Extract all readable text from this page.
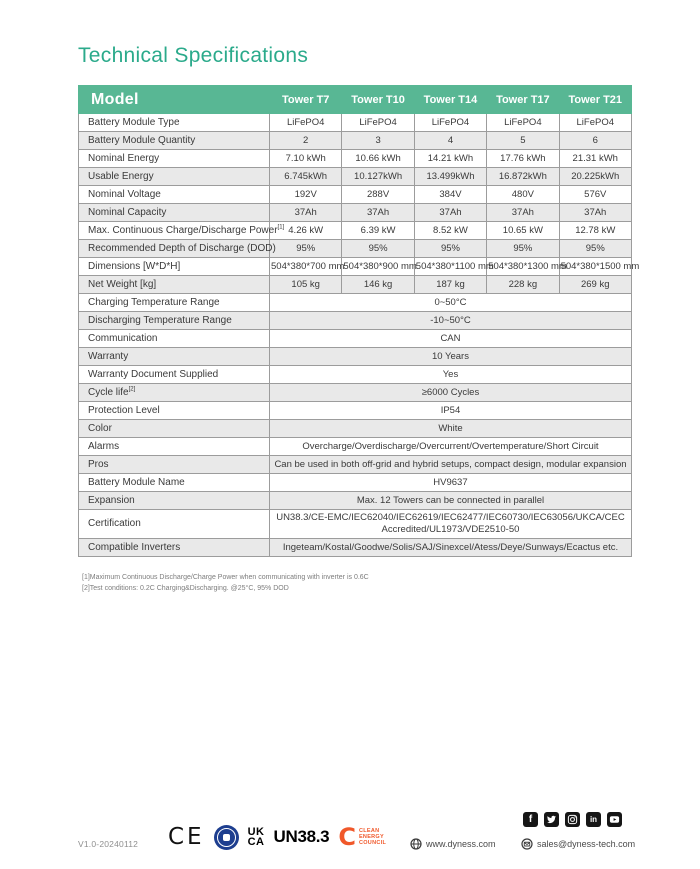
Technical Specifications
Model	Tower T7	Tower T10	Tower T14	Tower T17	Tower T21
Battery Module Type	LiFePO4	LiFePO4	LiFePO4	LiFePO4	LiFePO4
Battery Module Quantity	2	3	4	5	6
Nominal Energy	7.10 kWh	10.66 kWh	14.21 kWh	17.76 kWh	21.31 kWh
Usable Energy	6.745kWh	10.127kWh	13.499kWh	16.872kWh	20.225kWh
Nominal Voltage	192V	288V	384V	480V	576V
Nominal Capacity	37Ah	37Ah	37Ah	37Ah	37Ah
Max. Continuous Charge/Discharge Power[1]	4.26 kW	6.39 kW	8.52 kW	10.65 kW	12.78 kW
Recommended Depth of Discharge (DOD)	95%	95%	95%	95%	95%
Dimensions [W*D*H]	504*380*700 mm	504*380*900 mm	504*380*1100 mm	504*380*1300 mm	504*380*1500 mm
Net Weight [kg]	105 kg	146 kg	187 kg	228 kg	269 kg
Charging Temperature Range	0~50°C				
Discharging Temperature Range	-10~50°C				
Communication	CAN				
Warranty	10 Years				
Warranty Document Supplied	Yes				
Cycle life[2]	≥6000 Cycles				
Protection Level	IP54				
Color	White				
Alarms	Overcharge/Overdischarge/Overcurrent/Overtemperature/Short Circuit				
Pros	Can be used in both off-grid and hybrid setups, compact design, modular expansion				
Battery Module Name	HV9637				
Expansion	Max. 12 Towers can be connected in parallel				
Certification	UN38.3/CE-EMC/IEC62040/IEC62619/IEC62477/IEC60730/IEC63056/UKCA/CEC Accredited/UL1973/VDE2510-50				
Compatible Inverters	Ingeteam/Kostal/Goodwe/Solis/SAJ/Sinexcel/Atess/Deye/Sunways/Ecactus etc.				
[1]Maximum Continuous Discharge/Charge Power when communicating with inverter is 0.6C
[2]Test conditions: 0.2C Charging&Discharging. @25°C, 95% DOD
V1.0-20240112 CE	UK
CA UN38.3 C CLEAN
ENERGY
COUNCIL	www.dyness.com	sales@dyness-tech.com
f	in
